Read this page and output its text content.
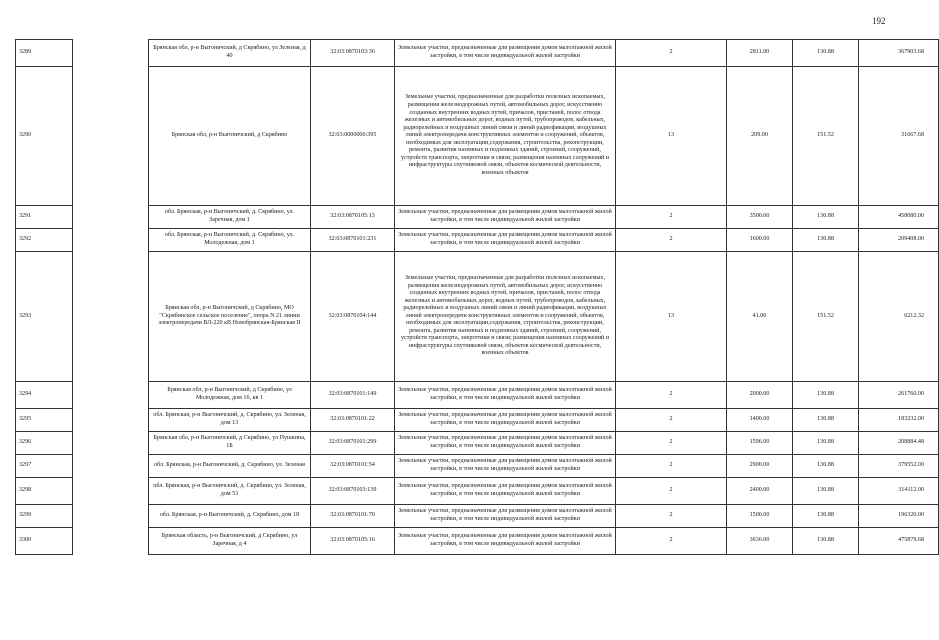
192
3289		Брянская обл, р-н Выгоничский, д Скрябино, ул Зеленая, д 40	32:03:0870103:36	Земельные участки, предназначенные для размещения домов малоэтажной жилой застройки, в том числе индивидуальной жилой застройки	2	2811.00	130.88	367903.68
3290		Брянская обл, р-н Выгоничский, д Скрябино	32:03:0000000:395	Земельные участки, предназначенные для разработки полезных ископаемых, размещения железнодорожных путей, автомобильных дорог, искусственно созданных внутренних водных путей, причалов, пристаней, полос отвода железных и автомобильных дорог, водных путей, трубопроводов, кабельных, радиорелейных и воздушных линий связи и линий радиофикации, воздушных линий электропередачи конструктивных элементов и сооружений, объектов, необходимых для эксплуатации,содержания, строительства, реконструкции, ремонта, развития наземных и подземных зданий, строений, сооружений, устройств транспорта, энергетики и связи; размещения наземных сооружений и инфраструктуры спутниковой связи, объектов космической деятельности, военных объектов	13	209.00	151.52	31667.68
3291		обл. Брянская, р-н Выгоничский, д. Скрябино, ул. Заречная, дом 1	32:03:0870105:13	Земельные участки, предназначенные для размещения домов малоэтажной жилой застройки, в том числе индивидуальной жилой застройки	2	3500.00	130.88	458080.00
3292		обл. Брянская, р-н Выгоничский, д. Скрябино, ул. Молодежная, дом 1	32:03:0870101:231	Земельные участки, предназначенные для размещения домов малоэтажной жилой застройки, в том числе индивидуальной жилой застройки	2	1600.00	130.88	209408.00
3293		Брянская обл, р-н Выгоничский, д Скрябино, МО "Скрябинское сельское поселение", опора N 21 линии электропередачи ВЛ-220 кВ Новобрянская-Брянская II	32:03:0870104:144	Земельные участки, предназначенные для разработки полезных ископаемых, размещения железнодорожных путей, автомобильных дорог, искусственно созданных внутренних водных путей, причалов, пристаней, полос отвода железных и автомобильных дорог, водных путей, трубопроводов, кабельных, радиорелейных и воздушных линий связи и линий радиофикации, воздушных линий электропередачи конструктивных элементов и сооружений, объектов, необходимых для эксплуатации,содержания, строительства, реконструкции, ремонта, развития наземных и подземных зданий, строений, сооружений, устройств транспорта, энергетики и связи; размещения наземных сооружений и инфраструктуры спутниковой связи, объектов космической деятельности, военных объектов	13	41.00	151.52	6212.32
3294		Брянская обл, р-н Выгоничский, д Скрябино, ул Молодежная, дом 16, кв 1	32:03:0870101:149	Земельные участки, предназначенные для размещения домов малоэтажной жилой застройки, в том числе индивидуальной жилой застройки	2	2000.00	130.88	261760.00
3295		обл. Брянская, р-н Выгоничский, д. Скрябино, ул. Зеленая, дом 13	32:03:0870101:22	Земельные участки, предназначенные для размещения домов малоэтажной жилой застройки, в том числе индивидуальной жилой застройки	2	1400.00	130.88	183232.00
3296		Брянская обл, р-н Выгоничский, д Скрябино, ул Пушкина, 1Б	32:03:0870101:299	Земельные участки, предназначенные для размещения домов малоэтажной жилой застройки, в том числе индивидуальной жилой застройки	2	1596.00	130.88	208884.48
3297		обл. Брянская, р-н Выгоничский, д. Скрябино, ул. Зеленая	32:03:0870101:54	Земельные участки, предназначенные для размещения домов малоэтажной жилой застройки, в том числе индивидуальной жилой застройки	2	2900.00	130.88	379552.00
3298		обл. Брянская, р-н Выгоничский, д. Скрябино, ул. Зеленая, дом 53	32:03:0870103:139	Земельные участки, предназначенные для размещения домов малоэтажной жилой застройки, в том числе индивидуальной жилой застройки	2	2400.00	130.88	314112.00
3299		обл. Брянская, р-н Выгоничский, д. Скрябино, дом 18	32:03:0870101:70	Земельные участки, предназначенные для размещения домов малоэтажной жилой застройки, в том числе индивидуальной жилой застройки	2	1500.00	130.88	196320.00
3300		Брянская область, р-н Выгоничский, д Скрябино, ул Заречная, д 4	32:03:0870105:16	Земельные участки, предназначенные для размещения домов малоэтажной жилой застройки, в том числе индивидуальной жилой застройки	2	3636.00	130.88	475879.68
